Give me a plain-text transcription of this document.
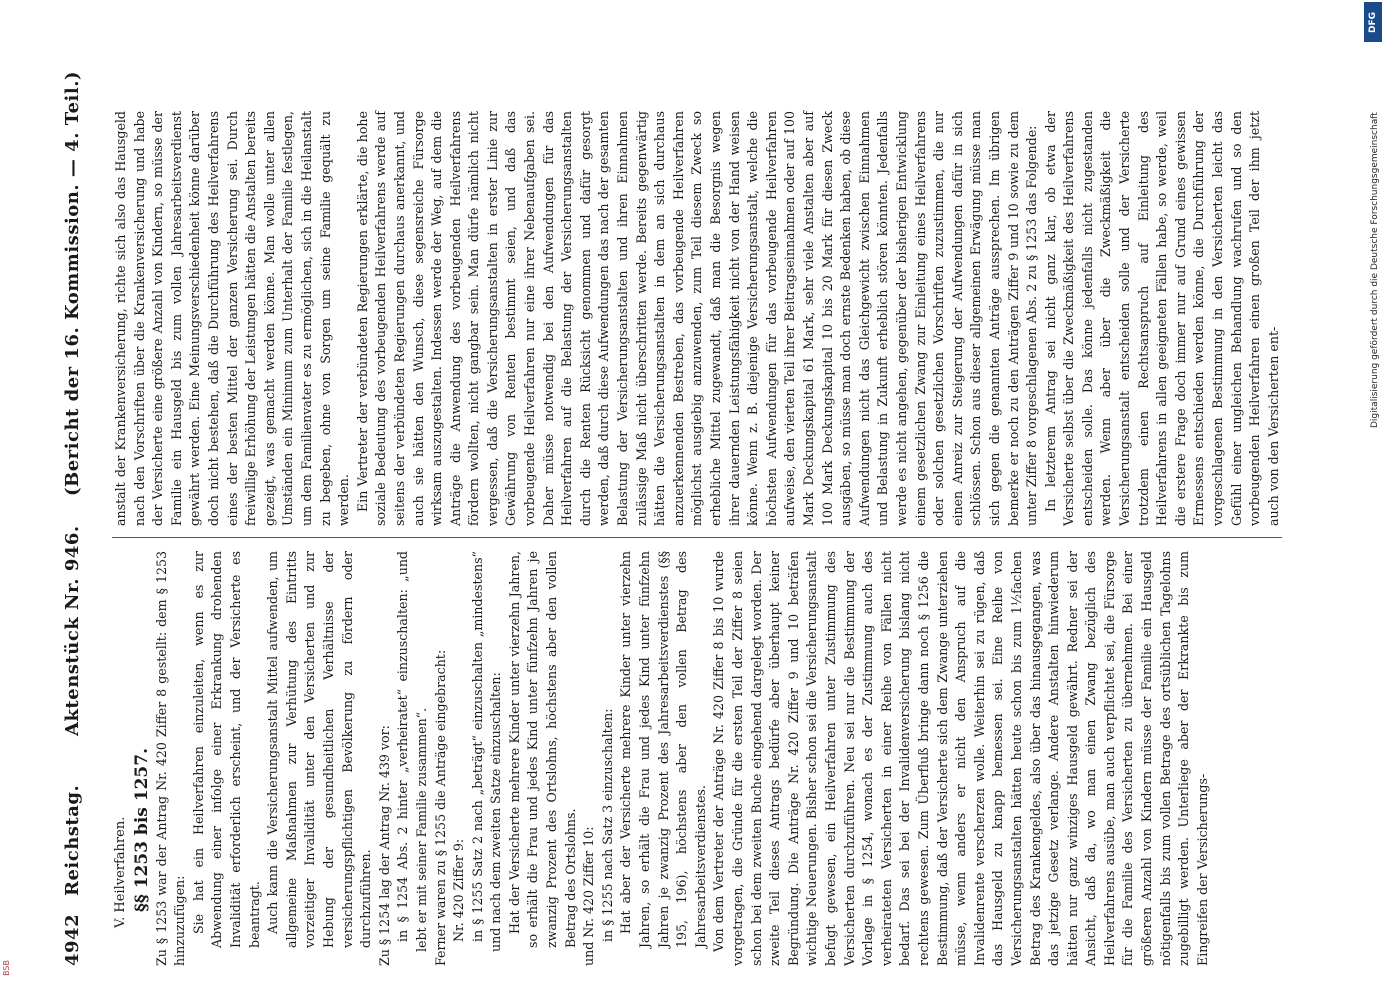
4942
Reichstag.
Aktenstück Nr. 946.
(Bericht der 16. Kommission. — 4. Teil.)

V. Heilverfahren. §§ 1253 bis 1257. Zu § 1253 war der Antrag Nr. 420 Ziffer 8 gestellt: dem § 1253 hinzuzufügen: Sie hat ein Heilverfahren einzuleiten, wenn es zur Abwendung einer infolge einer Erkrankung drohenden Invalidität erforderlich erscheint, und der Versicherte es beantragt. Auch kann die Versicherungsanstalt Mittel aufwenden, um allgemeine Maßnahmen zur Verhütung des Eintritts vorzeitiger Invalidität unter den Versicherten und zur Hebung der gesundheitlichen Verhältnisse der versicherungspflichtigen Bevölkerung zu fördern oder durchzuführen. Zu § 1254 lag der Antrag Nr. 439 vor: in § 1254 Abs. 2 hinter „verheiratet“ einzuschalten: „und lebt er mit seiner Familie zusammen“. Ferner waren zu § 1255 die Anträge eingebracht: Nr. 420 Ziffer 9: in § 1255 Satz 2 nach „beträgt“ einzuschalten „mindestens“ und nach dem zweiten Satze einzuschalten: Hat der Versicherte mehrere Kinder unter vierzehn Jahren, so erhält die Frau und jedes Kind unter fünfzehn Jahren je zwanzig Prozent des Ortslohns, höchstens aber den vollen Betrag des Ortslohns. und Nr. 420 Ziffer 10: in § 1255 nach Satz 3 einzuschalten: Hat aber der Versicherte mehrere Kinder unter vierzehn Jahren, so erhält die Frau und jedes Kind unter fünfzehn Jahren je zwanzig Prozent des Jahresarbeitsverdienstes (§§ 195, 196), höchstens aber den vollen Betrag des Jahresarbeitsverdienstes. Von dem Vertreter der Anträge Nr. 420 Ziffer 8 bis 10 wurde vorgetragen, die Gründe für die ersten Teil der Ziffer 8 seien schon bei dem zweiten Buche eingehend dargelegt worden. Der zweite Teil dieses Antrags bedürfe aber überhaupt keiner Begründung. Die Anträge Nr. 420 Ziffer 9 und 10 beträfen wichtige Neuerungen. Bisher schon sei die Versicherungsanstalt befugt gewesen, ein Heilverfahren unter Zustimmung des Versicherten durchzuführen. Neu sei nur die Bestimmung der Vorlage in § 1254, wonach es der Zustimmung auch des verheirateten Versicherten in einer Reihe von Fällen nicht bedarf. Das sei bei der Invalidenversicherung bislang nicht rechtens gewesen. Zum Überfluß bringe dann noch § 1256 die Bestimmung, daß der Versicherte sich dem Zwange unterziehen müsse, wenn anders er nicht den Anspruch auf die Invalidenrente verscherzen wolle. Weiterhin sei zu rügen, daß das Hausgeld zu knapp bemessen sei. Eine Reihe von Versicherungsanstalten hätten heute schon bis zum 1½fachen Betrag des Krankengeldes, also über das hinausgegangen, was das jetzige Gesetz verlange. Andere Anstalten hinwiederum hätten nur ganz winziges Hausgeld gewährt. Redner sei der Ansicht, daß da, wo man einen Zwang bezüglich des Heilverfahrens ausübe, man auch verpflichtet sei, die Fürsorge für die Familie des Versicherten zu übernehmen. Bei einer größeren Anzahl von Kindern müsse der Familie ein Hausgeld nötigenfalls bis zum vollen Betrage des ortsüblichen Tagelohns zugebilligt werden. Unterliege aber der Erkrankte bis zum Eingreifen der Versicherungs-

anstalt der Krankenversicherung, richte sich also das Hausgeld nach den Vorschriften über die Krankenversicherung und habe der Versicherte eine größere Anzahl von Kindern, so müsse der Familie ein Hausgeld bis zum vollen Jahresarbeitsverdienst gewährt werden. Eine Meinungsverschiedenheit könne darüber doch nicht bestehen, daß die Durchführung des Heilverfahrens eines der besten Mittel der ganzen Versicherung sei. Durch freiwillige Erhöhung der Leistungen hätten die Anstalten bereits gezeigt, was gemacht werden könne. Man wolle unter allen Umständen ein Minimum zum Unterhalt der Familie festlegen, um dem Familienvater es zu ermöglichen, sich in die Heilanstalt zu begeben, ohne von Sorgen um seine Familie gequält zu werden. Ein Vertreter der verbündeten Regierungen erklärte, die hohe soziale Bedeutung des vorbeugenden Heilverfahrens werde auf seitens der verbündeten Regierungen durchaus anerkannt, und auch sie hätten den Wunsch, diese segensreiche Fürsorge wirksam auszugestalten. Indessen werde der Weg, auf dem die Anträge die Anwendung des vorbeugenden Heilverfahrens fördern wollten, nicht gangbar sein. Man dürfe nämlich nicht vergessen, daß die Versicherungsanstalten in erster Linie zur Gewährung von Renten bestimmt seien, und daß das vorbeugende Heilverfahren nur eine ihrer Nebenaufgaben sei. Daher müsse notwendig bei den Aufwendungen für das Heilverfahren auf die Belastung der Versicherungsanstalten durch die Renten Rücksicht genommen und dafür gesorgt werden, daß durch diese Aufwendungen das nach der gesamten Belastung der Versicherungsanstalten und ihren Einnahmen zulässige Maß nicht überschritten werde. Bereits gegenwärtig hätten die Versicherungsanstalten in dem an sich durchaus anzuerkennenden Bestreben, das vorbeugende Heilverfahren möglichst ausgiebig anzuwenden, zum Teil diesem Zweck so erhebliche Mittel zugewandt, daß man die Besorgnis wegen ihrer dauernden Leistungsfähigkeit nicht von der Hand weisen könne. Wenn z. B. diejenige Versicherungsanstalt, welche die höchsten Aufwendungen für das vorbeugende Heilverfahren aufweise, den vierten Teil ihrer Beitragseinnahmen oder auf 100 Mark Deckungskapital 61 Mark, sehr viele Anstalten aber auf 100 Mark Deckungskapital 10 bis 20 Mark für diesen Zweck ausgäben, so müsse man doch ernste Bedenken haben, ob diese Aufwendungen nicht das Gleichgewicht zwischen Einnahmen und Belastung in Zukunft erheblich stören könnten. Jedenfalls werde es nicht angehen, gegenüber der bisherigen Entwicklung einem gesetzlichen Zwang zur Einleitung eines Heilverfahrens oder solchen gesetzlichen Vorschriften zuzustimmen, die nur einen Anreiz zur Steigerung der Aufwendungen dafür in sich schlössen. Schon aus dieser allgemeinen Erwägung müsse man sich gegen die genannten Anträge aussprechen. Im übrigen bemerke er noch zu den Anträgen Ziffer 9 und 10 sowie zu dem unter Ziffer 8 vorgeschlagenen Abs. 2 zu § 1253 das Folgende: In letzterem Antrag sei nicht ganz klar, ob etwa der Versicherte selbst über die Zweckmäßigkeit des Heilverfahrens entscheiden solle. Das könne jedenfalls nicht zugestanden werden. Wenn aber über die Zweckmäßigkeit die Versicherungsanstalt entscheiden solle und der Versicherte trotzdem einen Rechtsanspruch auf Einleitung des Heilverfahrens in allen geeigneten Fällen habe, so werde, weil die erstere Frage doch immer nur auf Grund eines gewissen Ermessens entschieden werden könne, die Durchführung der vorgeschlagenen Bestimmung in den Versicherten leicht das Gefühl einer ungleichen Behandlung wachrufen und so den vorbeugenden Heilverfahren einen großen Teil der ihm jetzt auch von den Versicherten ent-

DFG
Digitalisierung gefördert durch die Deutsche Forschungsgemeinschaft
BSB
